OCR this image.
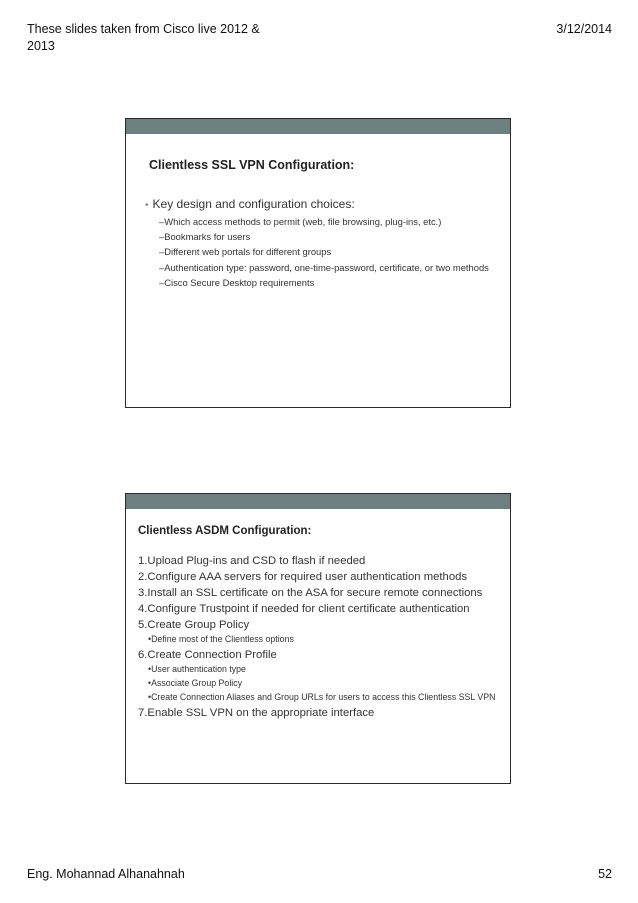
These slides taken from Cisco live 2012 & 2013
3/12/2014
Clientless SSL VPN Configuration:
• Key design and configuration choices:
–Which access methods to permit (web, file browsing, plug-ins, etc.)
–Bookmarks for users
–Different web portals for different groups
–Authentication type: password, one-time-password, certificate, or two methods
–Cisco Secure Desktop requirements
Clientless ASDM Configuration:
1.Upload Plug-ins and CSD to flash if needed
2.Configure AAA servers for required user authentication methods
3.Install an SSL certificate on the ASA for secure remote connections
4.Configure Trustpoint if needed for client certificate authentication
5.Create Group Policy
•Define most of the Clientless options
6.Create Connection Profile
•User authentication type
•Associate Group Policy
•Create Connection Aliases and Group URLs for users to access this Clientless SSL VPN
7.Enable SSL VPN on the appropriate interface
Eng. Mohannad Alhanahnah	52
